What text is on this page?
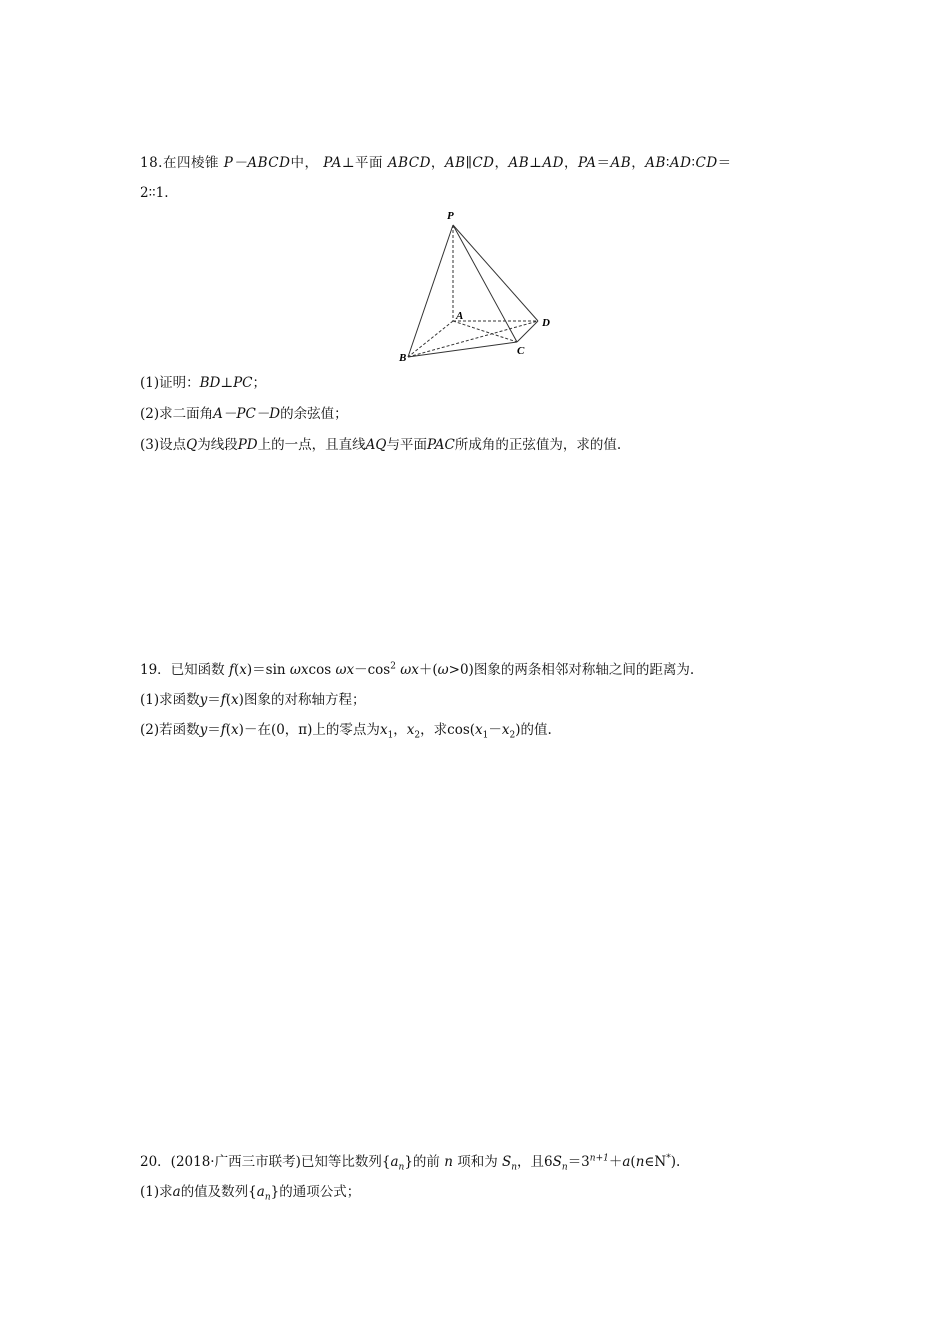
18.在四棱锥 P－ABCD中， PA⊥平面 ABCD，AB∥CD，AB⊥AD，PA＝AB，AB∶AD∶CD＝
2∶∶1.
P
A
B
C
D
(1)证明：BD⊥PC；
(2)求二面角A－PC－D的余弦值；
(3)设点Q为线段PD上的一点，且直线AQ与平面PAC所成角的正弦值为，求的值.
19．已知函数 f(x)＝sin ωxcos $\omega x-\cos^2$ ωx＋(ω>0)图象的两条相邻对称轴之间的距离为.
(1)求函数y＝f(x)图象的对称轴方程；
(2)若函数y＝f(x)－在(0，π)上的零点为$x_1$，$x_2$，求$\cos(x_1-x_2)$的值.
20．(2018·广西三市联考)已知等比数列$\{a_n\}$的前 n 项和为 $S_n$，且$6S_n=3^{n+1}+a(n\in N^*)$.
(1)求a的值及数列$\{a_n\}$的通项公式；
